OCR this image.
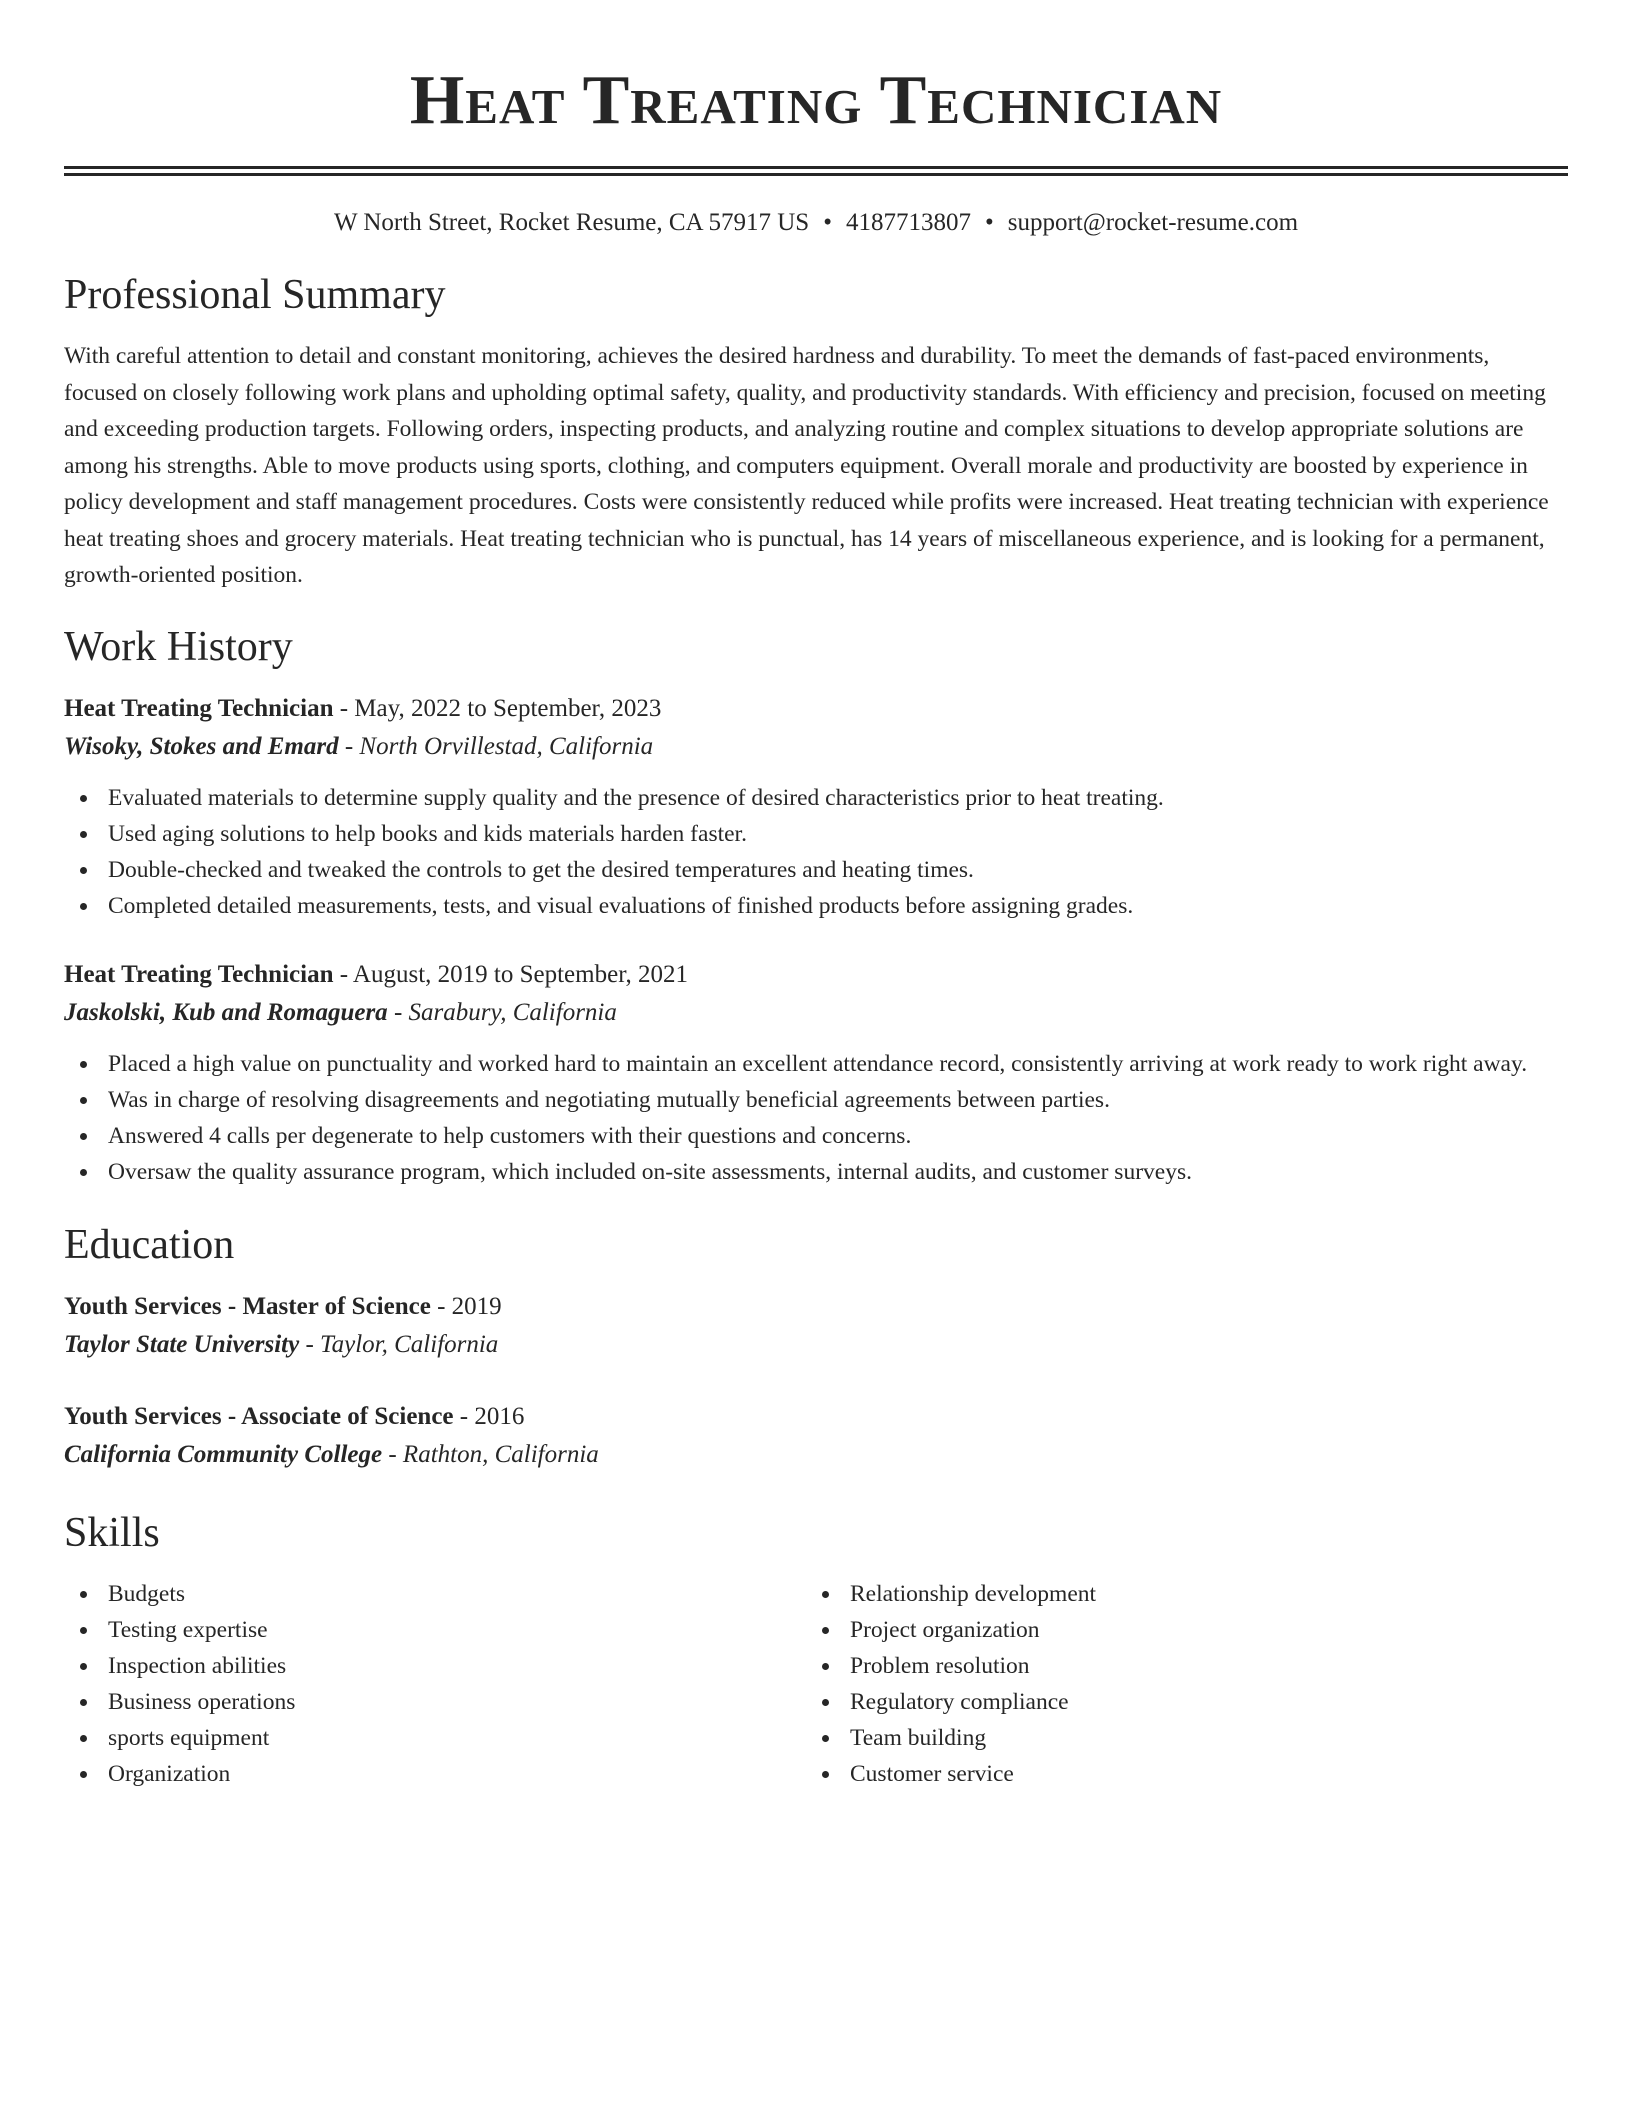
Heat Treating Technician
W North Street, Rocket Resume, CA 57917 US • 4187713807 • support@rocket-resume.com
Professional Summary

With careful attention to detail and constant monitoring, achieves the desired hardness and durability. To meet the demands of fast-paced environments, focused on closely following work plans and upholding optimal safety, quality, and productivity standards. With efficiency and precision, focused on meeting and exceeding production targets. Following orders, inspecting products, and analyzing routine and complex situations to develop appropriate solutions are among his strengths. Able to move products using sports, clothing, and computers equipment. Overall morale and productivity are boosted by experience in policy development and staff management procedures. Costs were consistently reduced while profits were increased. Heat treating technician with experience heat treating shoes and grocery materials. Heat treating technician who is punctual, has 14 years of miscellaneous experience, and is looking for a permanent, growth-oriented position.

Work History
Heat Treating Technician - May, 2022 to September, 2023
Wisoky, Stokes and Emard - North Orvillestad, California
Evaluated materials to determine supply quality and the presence of desired characteristics prior to heat treating.
Used aging solutions to help books and kids materials harden faster.
Double-checked and tweaked the controls to get the desired temperatures and heating times.
Completed detailed measurements, tests, and visual evaluations of finished products before assigning grades.
Heat Treating Technician - August, 2019 to September, 2021
Jaskolski, Kub and Romaguera - Sarabury, California
Placed a high value on punctuality and worked hard to maintain an excellent attendance record, consistently arriving at work ready to work right away.
Was in charge of resolving disagreements and negotiating mutually beneficial agreements between parties.
Answered 4 calls per degenerate to help customers with their questions and concerns.
Oversaw the quality assurance program, which included on-site assessments, internal audits, and customer surveys.
Education
Youth Services - Master of Science - 2019
Taylor State University - Taylor, California
Youth Services - Associate of Science - 2016
California Community College - Rathton, California
Skills
Budgets
Testing expertise
Inspection abilities
Business operations
sports equipment
Organization
Relationship development
Project organization
Problem resolution
Regulatory compliance
Team building
Customer service
